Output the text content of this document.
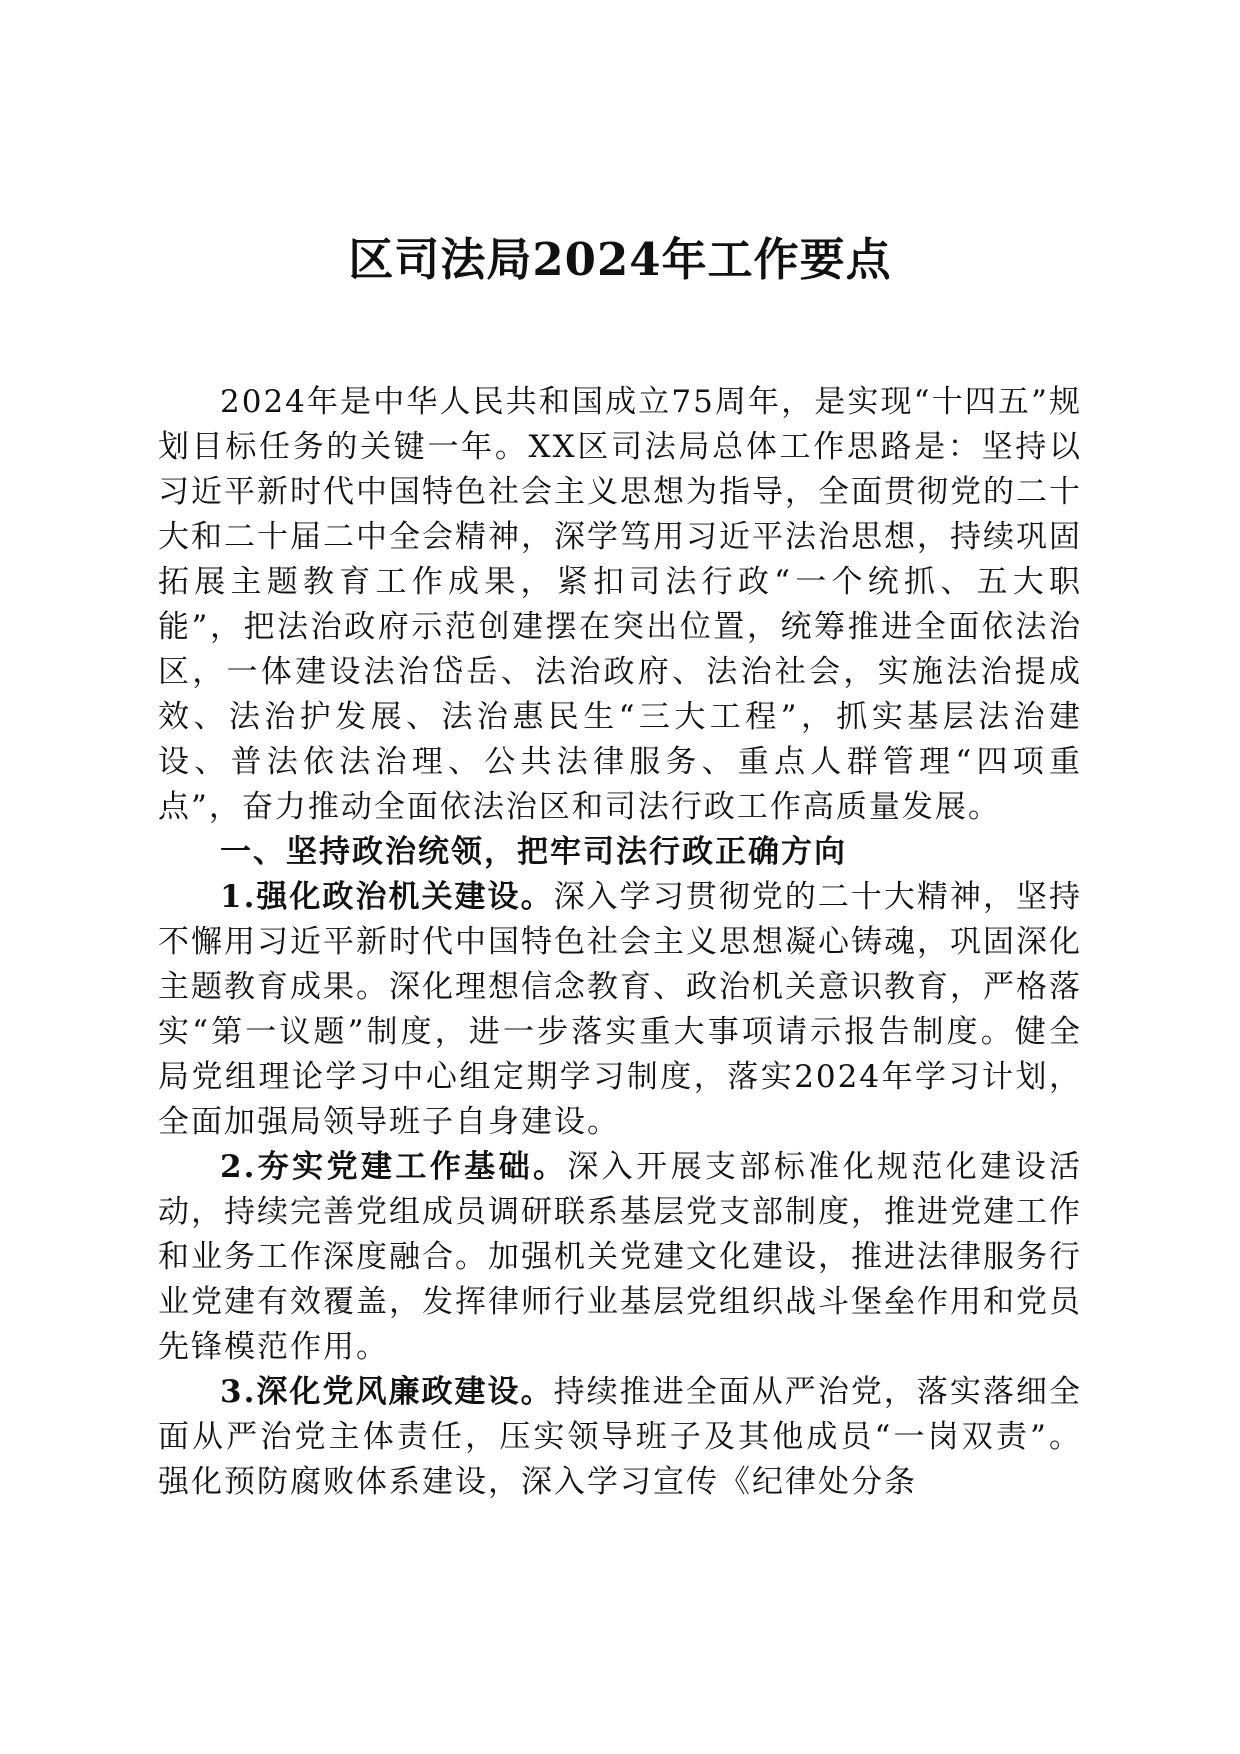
区司法局2024年工作要点

2024年是中华人民共和国成立75周年，是实现“十四五”规划目标任务的关键一年。XX区司法局总体工作思路是：坚持以习近平新时代中国特色社会主义思想为指导，全面贯彻党的二十大和二十届二中全会精神，深学笃用习近平法治思想，持续巩固拓展主题教育工作成果，紧扣司法行政“一个统抓、五大职能”，把法治政府示范创建摆在突出位置，统筹推进全面依法治区，一体建设法治岱岳、法治政府、法治社会，实施法治提成效、法治护发展、法治惠民生“三大工程”，抓实基层法治建设、普法依法治理、公共法律服务、重点人群管理“四项重点”，奋力推动全面依法治区和司法行政工作高质量发展。

一、坚持政治统领，把牢司法行政正确方向

1.强化政治机关建设。深入学习贯彻党的二十大精神，坚持不懈用习近平新时代中国特色社会主义思想凝心铸魂，巩固深化主题教育成果。深化理想信念教育、政治机关意识教育，严格落实“第一议题”制度，进一步落实重大事项请示报告制度。健全局党组理论学习中心组定期学习制度，落实2024年学习计划，全面加强局领导班子自身建设。

2.夯实党建工作基础。深入开展支部标准化规范化建设活动，持续完善党组成员调研联系基层党支部制度，推进党建工作和业务工作深度融合。加强机关党建文化建设，推进法律服务行业党建有效覆盖，发挥律师行业基层党组织战斗堡垒作用和党员先锋模范作用。

3.深化党风廉政建设。持续推进全面从严治党，落实落细全面从严治党主体责任，压实领导班子及其他成员“一岗双责”。强化预防腐败体系建设，深入学习宣传《纪律处分条
